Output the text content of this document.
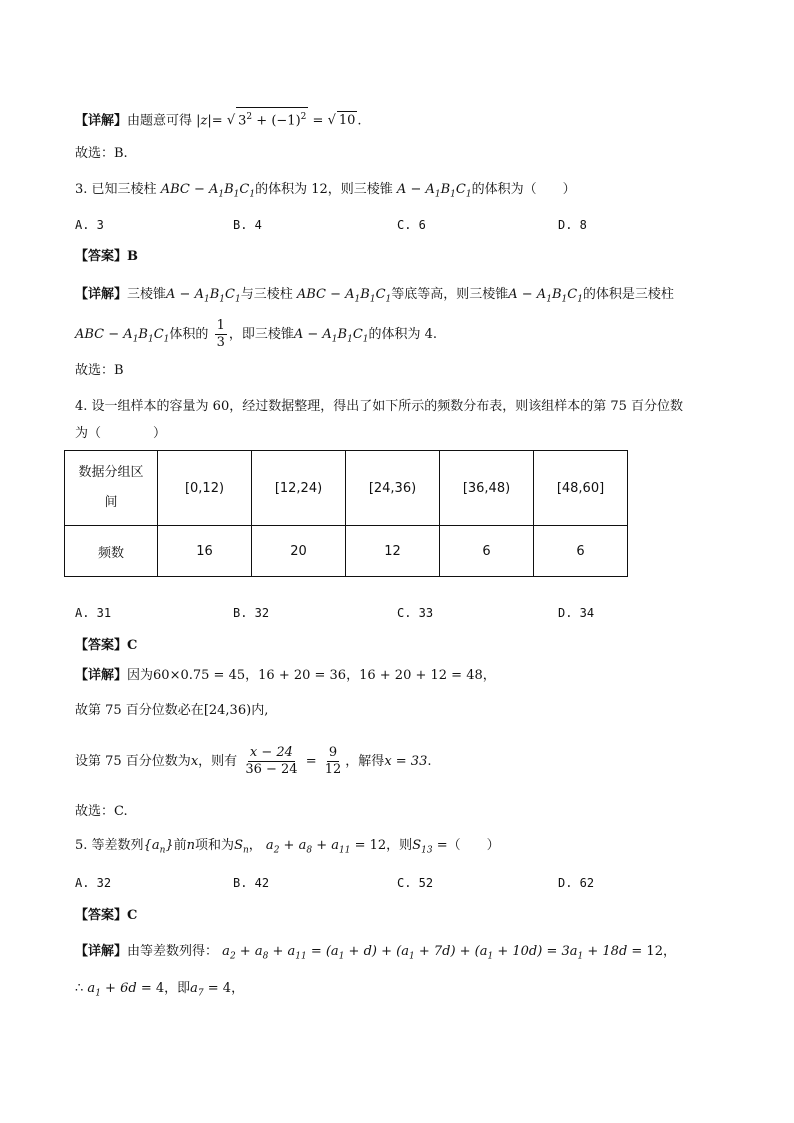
【详解】由题意可得 |z|= √ $3^2 + (-1)^2$ = √ 10 .
故选：B.
3. 已知三棱柱 ABC − $A_1B_1C_1$的体积为 12，则三棱锥 $A - A_1B_1C_1$的体积为（　　）
A. 3	B. 4	C. 6	D. 8
【答案】B
【详解】三棱锥$A - A_1B_1C_1$与三棱柱 ABC − $A_1B_1C_1$等底等高，则三棱锥$A - A_1B_1C_1$的体积是三棱柱
ABC − $A_1B_1C_1$体积的 $\frac{1}{3}$ ，即三棱锥$A - A_1B_1C_1$的体积为 4.
故选：B
4. 设一组样本的容量为 60，经过数据整理，得出了如下所示的频数分布表，则该组样本的第 75 百分位数
为（　　　　）
数据分组区
间	[0,12)	[12,24)	[24,36)	[36,48)	[48,60]
频数	16	20	12	6	6
A. 31	B. 32	C. 33	D. 34
【答案】C
【详解】因为60×0.75 = 45，16 + 20 = 36，16 + 20 + 12 = 48，
故第 75 百分位数必在[24,36)内,
设第 75 百分位数为x，则有 $\frac{x - 24}{36 - 24} = \frac{9}{12}$ ，解得x = 33.
故选：C.
5. 等差数列$\{a_n\}$前n项和为$S_n$， $a_2 + a_8 + a_{11} = 12$，则$S_{13}$ =（　　）
A. 32	B. 42	C. 52	D. 62
【答案】C
【详解】由等差数列得： $a_2 + a_8 + a_{11} = (a_1 + d) + (a_1 + 7d) + (a_1 + 10d) = 3a_1 + 18d = 12$，
∴ $a_1 + 6d = 4$，即$a_7 = 4$，
